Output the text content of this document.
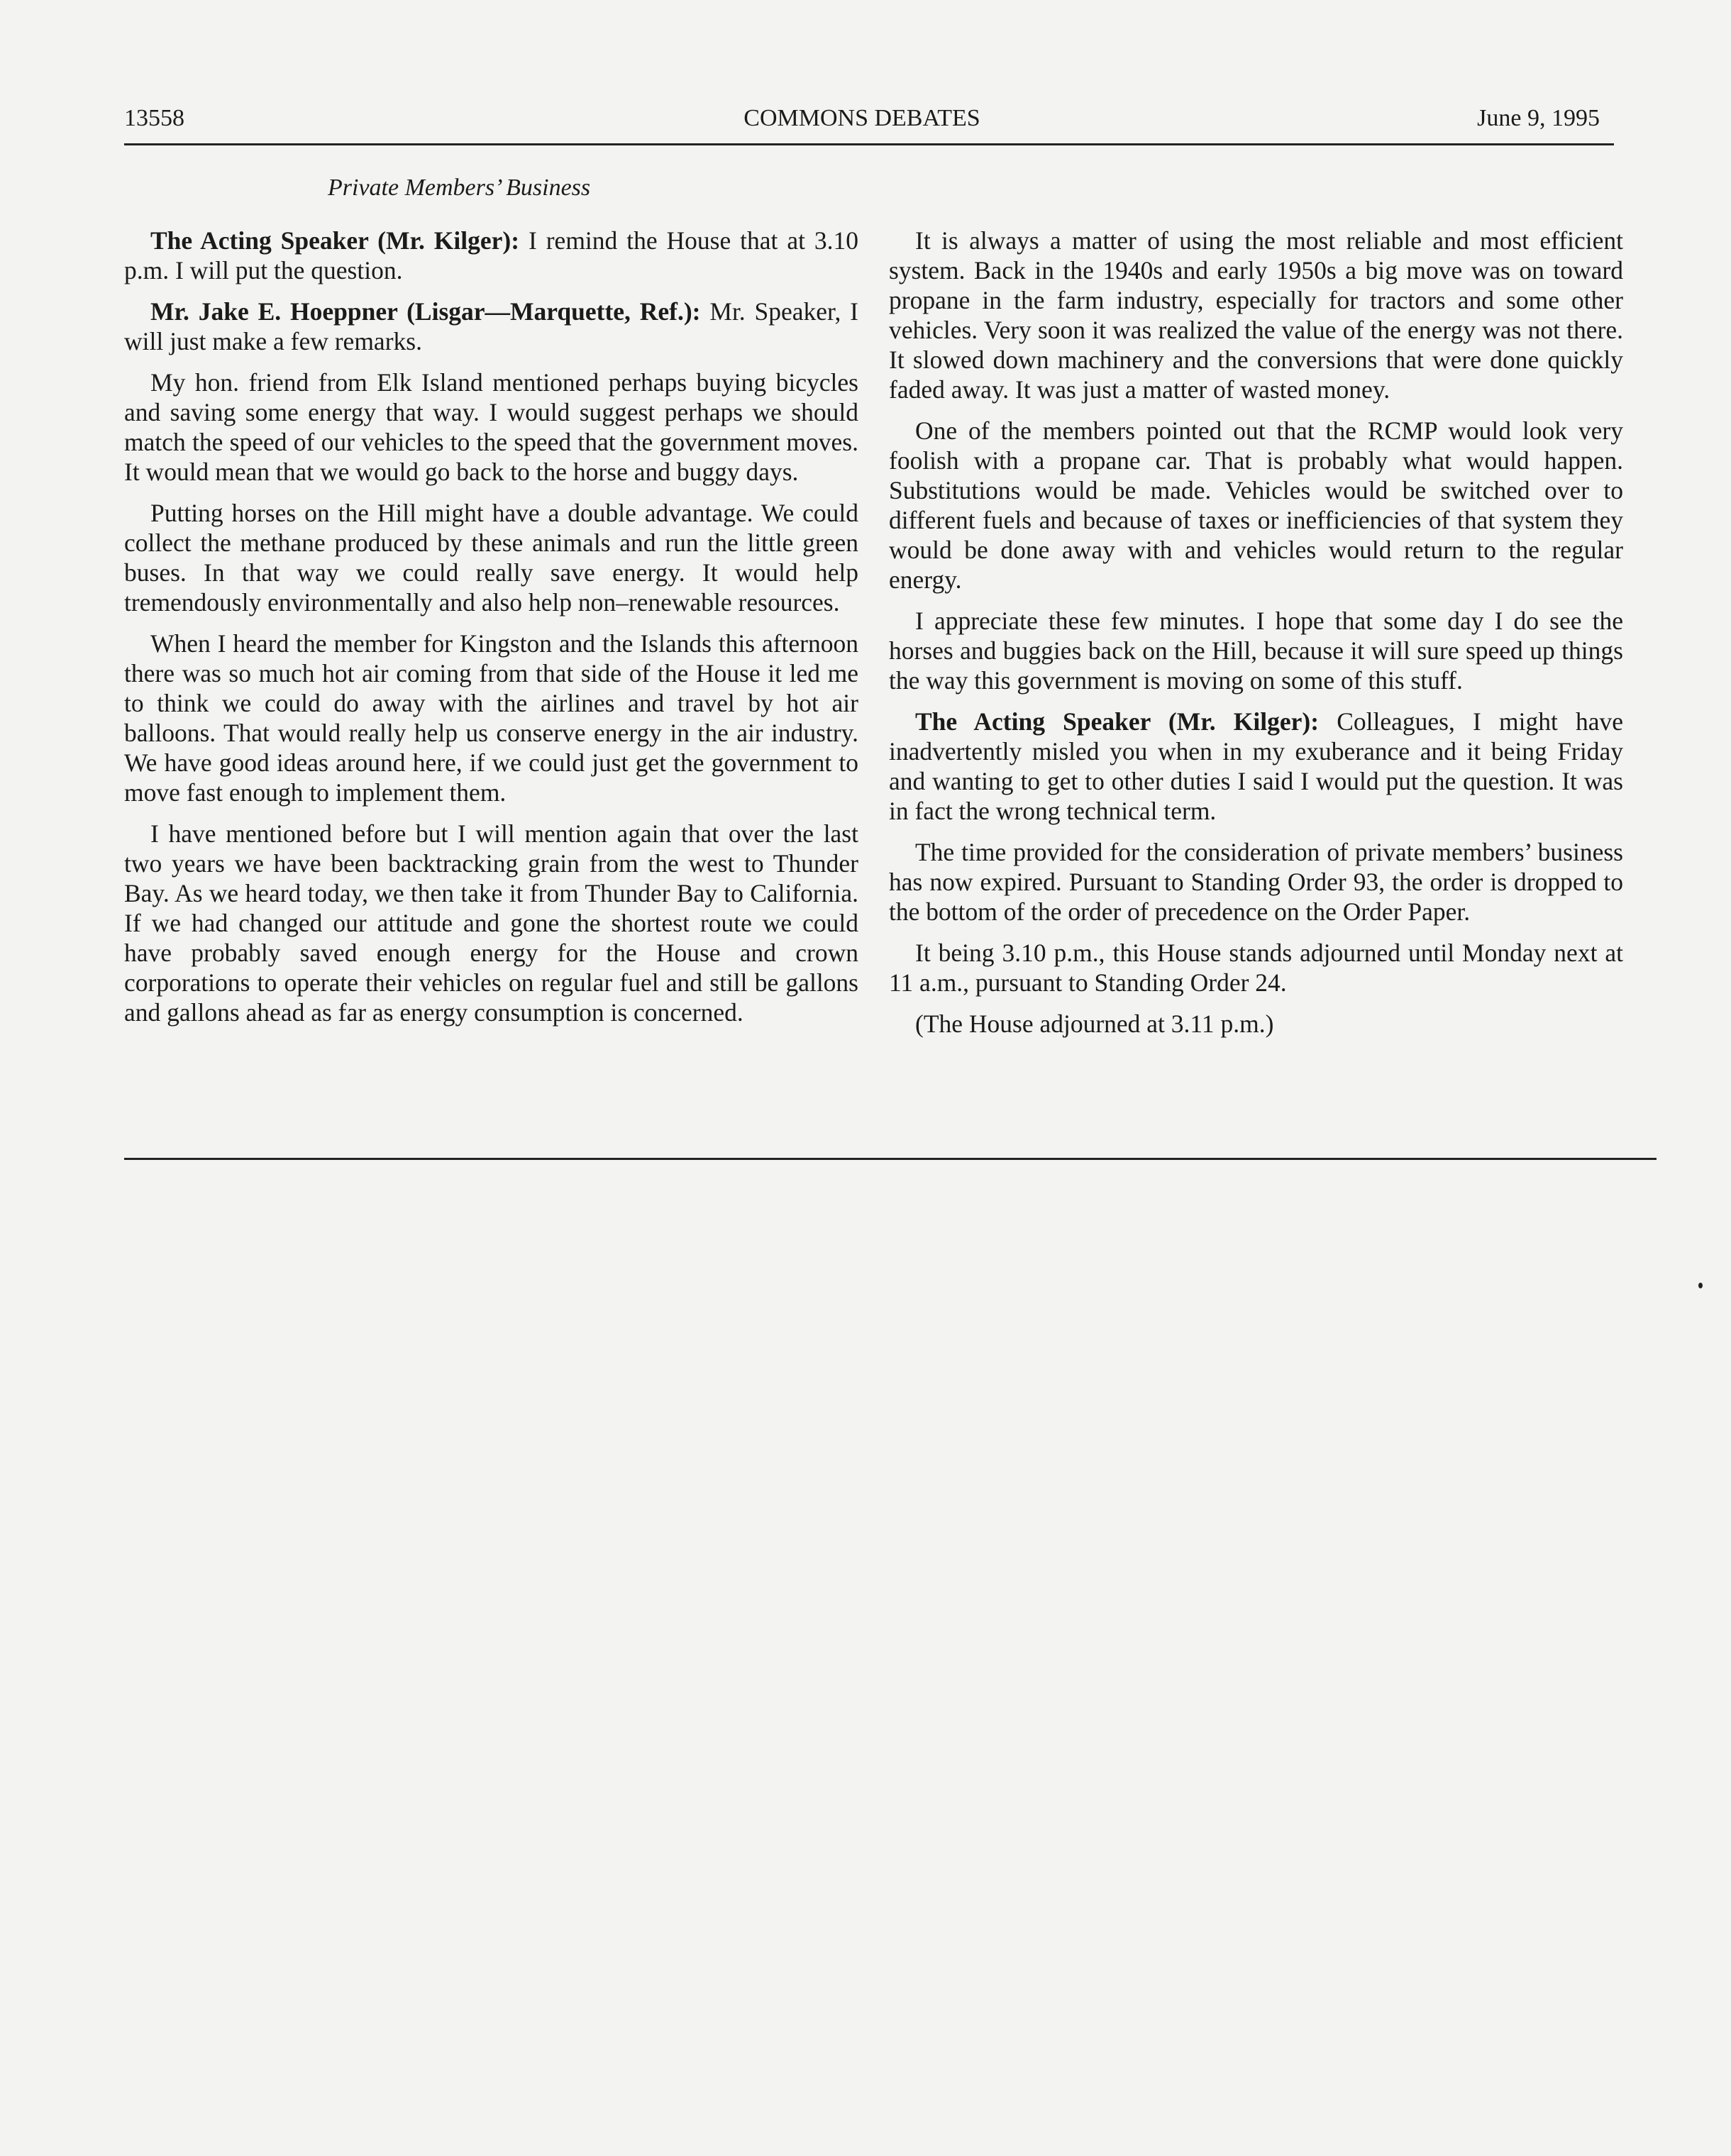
13558	COMMONS DEBATES	June 9, 1995
Private Members’ Business

The Acting Speaker (Mr. Kilger): I remind the House that at 3.10 p.m. I will put the question.

Mr. Jake E. Hoeppner (Lisgar—Marquette, Ref.): Mr. Speaker, I will just make a few remarks.

My hon. friend from Elk Island mentioned perhaps buying bicycles and saving some energy that way. I would suggest perhaps we should match the speed of our vehicles to the speed that the government moves. It would mean that we would go back to the horse and buggy days.

Putting horses on the Hill might have a double advantage. We could collect the methane produced by these animals and run the little green buses. In that way we could really save energy. It would help tremendously environmentally and also help non–renewable resources.

When I heard the member for Kingston and the Islands this afternoon there was so much hot air coming from that side of the House it led me to think we could do away with the airlines and travel by hot air balloons. That would really help us conserve energy in the air industry. We have good ideas around here, if we could just get the government to move fast enough to implement them.

I have mentioned before but I will mention again that over the last two years we have been backtracking grain from the west to Thunder Bay. As we heard today, we then take it from Thunder Bay to California. If we had changed our attitude and gone the shortest route we could have probably saved enough energy for the House and crown corporations to operate their vehicles on regular fuel and still be gallons and gallons ahead as far as energy consumption is concerned.

It is always a matter of using the most reliable and most efficient system. Back in the 1940s and early 1950s a big move was on toward propane in the farm industry, especially for tractors and some other vehicles. Very soon it was realized the value of the energy was not there. It slowed down machinery and the conversions that were done quickly faded away. It was just a matter of wasted money.

One of the members pointed out that the RCMP would look very foolish with a propane car. That is probably what would happen. Substitutions would be made. Vehicles would be switched over to different fuels and because of taxes or inefficiencies of that system they would be done away with and vehicles would return to the regular energy.

I appreciate these few minutes. I hope that some day I do see the horses and buggies back on the Hill, because it will sure speed up things the way this government is moving on some of this stuff.

The Acting Speaker (Mr. Kilger): Colleagues, I might have inadvertently misled you when in my exuberance and it being Friday and wanting to get to other duties I said I would put the question. It was in fact the wrong technical term.

The time provided for the consideration of private members’ business has now expired. Pursuant to Standing Order 93, the order is dropped to the bottom of the order of precedence on the Order Paper.

It being 3.10 p.m., this House stands adjourned until Monday next at 11 a.m., pursuant to Standing Order 24.

(The House adjourned at 3.11 p.m.)
